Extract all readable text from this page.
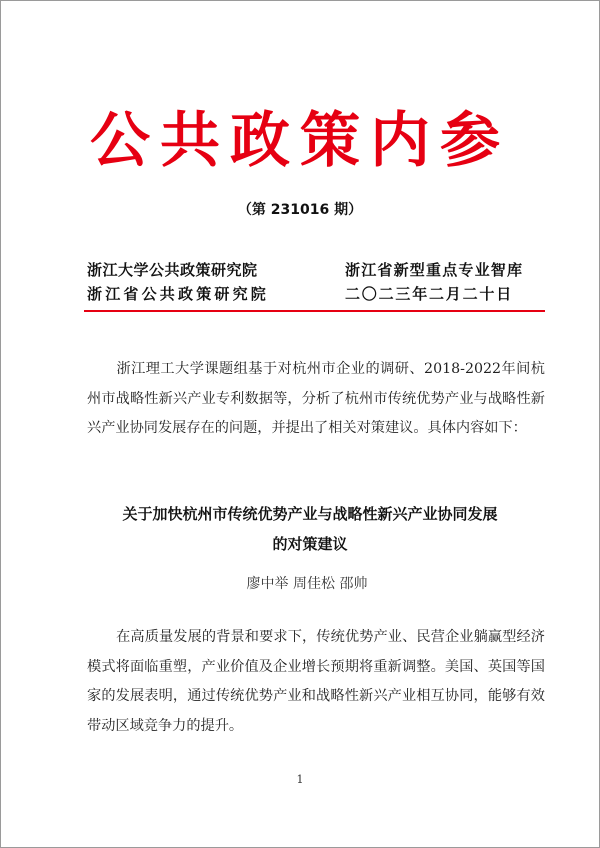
公共政策内参
（第 231016 期）
浙江大学公共政策研究院
浙江省公共政策研究院
浙江省新型重点专业智库
二〇二三年二月二十日

浙江理工大学课题组基于对杭州市企业的调研、2018-2022年间杭州市战略性新兴产业专利数据等，分析了杭州市传统优势产业与战略性新兴产业协同发展存在的问题，并提出了相关对策建议。具体内容如下：

关于加快杭州市传统优势产业与战略性新兴产业协同发展
的对策建议
廖中举 周佳松 邵帅

在高质量发展的背景和要求下，传统优势产业、民营企业躺赢型经济模式将面临重塑，产业价值及企业增长预期将重新调整。美国、英国等国家的发展表明，通过传统优势产业和战略性新兴产业相互协同，能够有效带动区域竞争力的提升。

1
